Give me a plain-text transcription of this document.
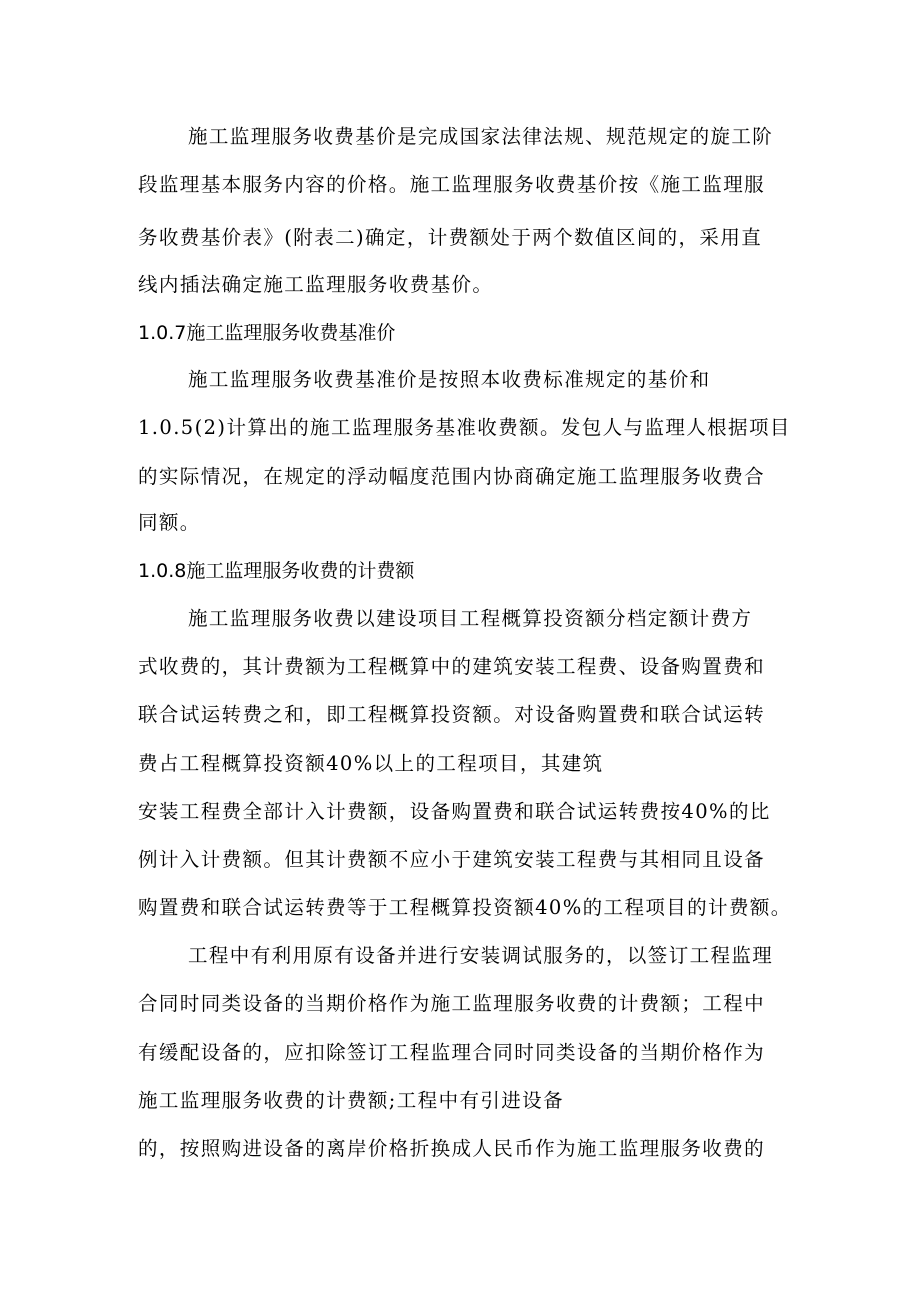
施工监理服务收费基价是完成国家法律法规、规范规定的旋工阶
段监理基本服务内容的价格。施工监理服务收费基价按《施工监理服
务收费基价表》(附表二)确定，计费额处于两个数值区间的，采用直
线内插法确定施工监理服务收费基价。
1.0.7施工监理服务收费基准价
施工监理服务收费基准价是按照本收费标准规定的基价和
1.0.5(2)计算出的施工监理服务基准收费额。发包人与监理人根据项目
的实际情况，在规定的浮动幅度范围内协商确定施工监理服务收费合
同额。
1.0.8施工监理服务收费的计费额
施工监理服务收费以建设项目工程概算投资额分档定额计费方
式收费的，其计费额为工程概算中的建筑安装工程费、设备购置费和
联合试运转费之和，即工程概算投资额。对设备购置费和联合试运转
费占工程概算投资额40%以上的工程项目，其建筑
安装工程费全部计入计费额，设备购置费和联合试运转费按40%的比
例计入计费额。但其计费额不应小于建筑安装工程费与其相同且设备
购置费和联合试运转费等于工程概算投资额40%的工程项目的计费额。
工程中有利用原有设备并进行安装调试服务的，以签订工程监理
合同时同类设备的当期价格作为施工监理服务收费的计费额；工程中
有缓配设备的，应扣除签订工程监理合同时同类设备的当期价格作为
施工监理服务收费的计费额;工程中有引进设备
的，按照购进设备的离岸价格折换成人民币作为施工监理服务收费的
